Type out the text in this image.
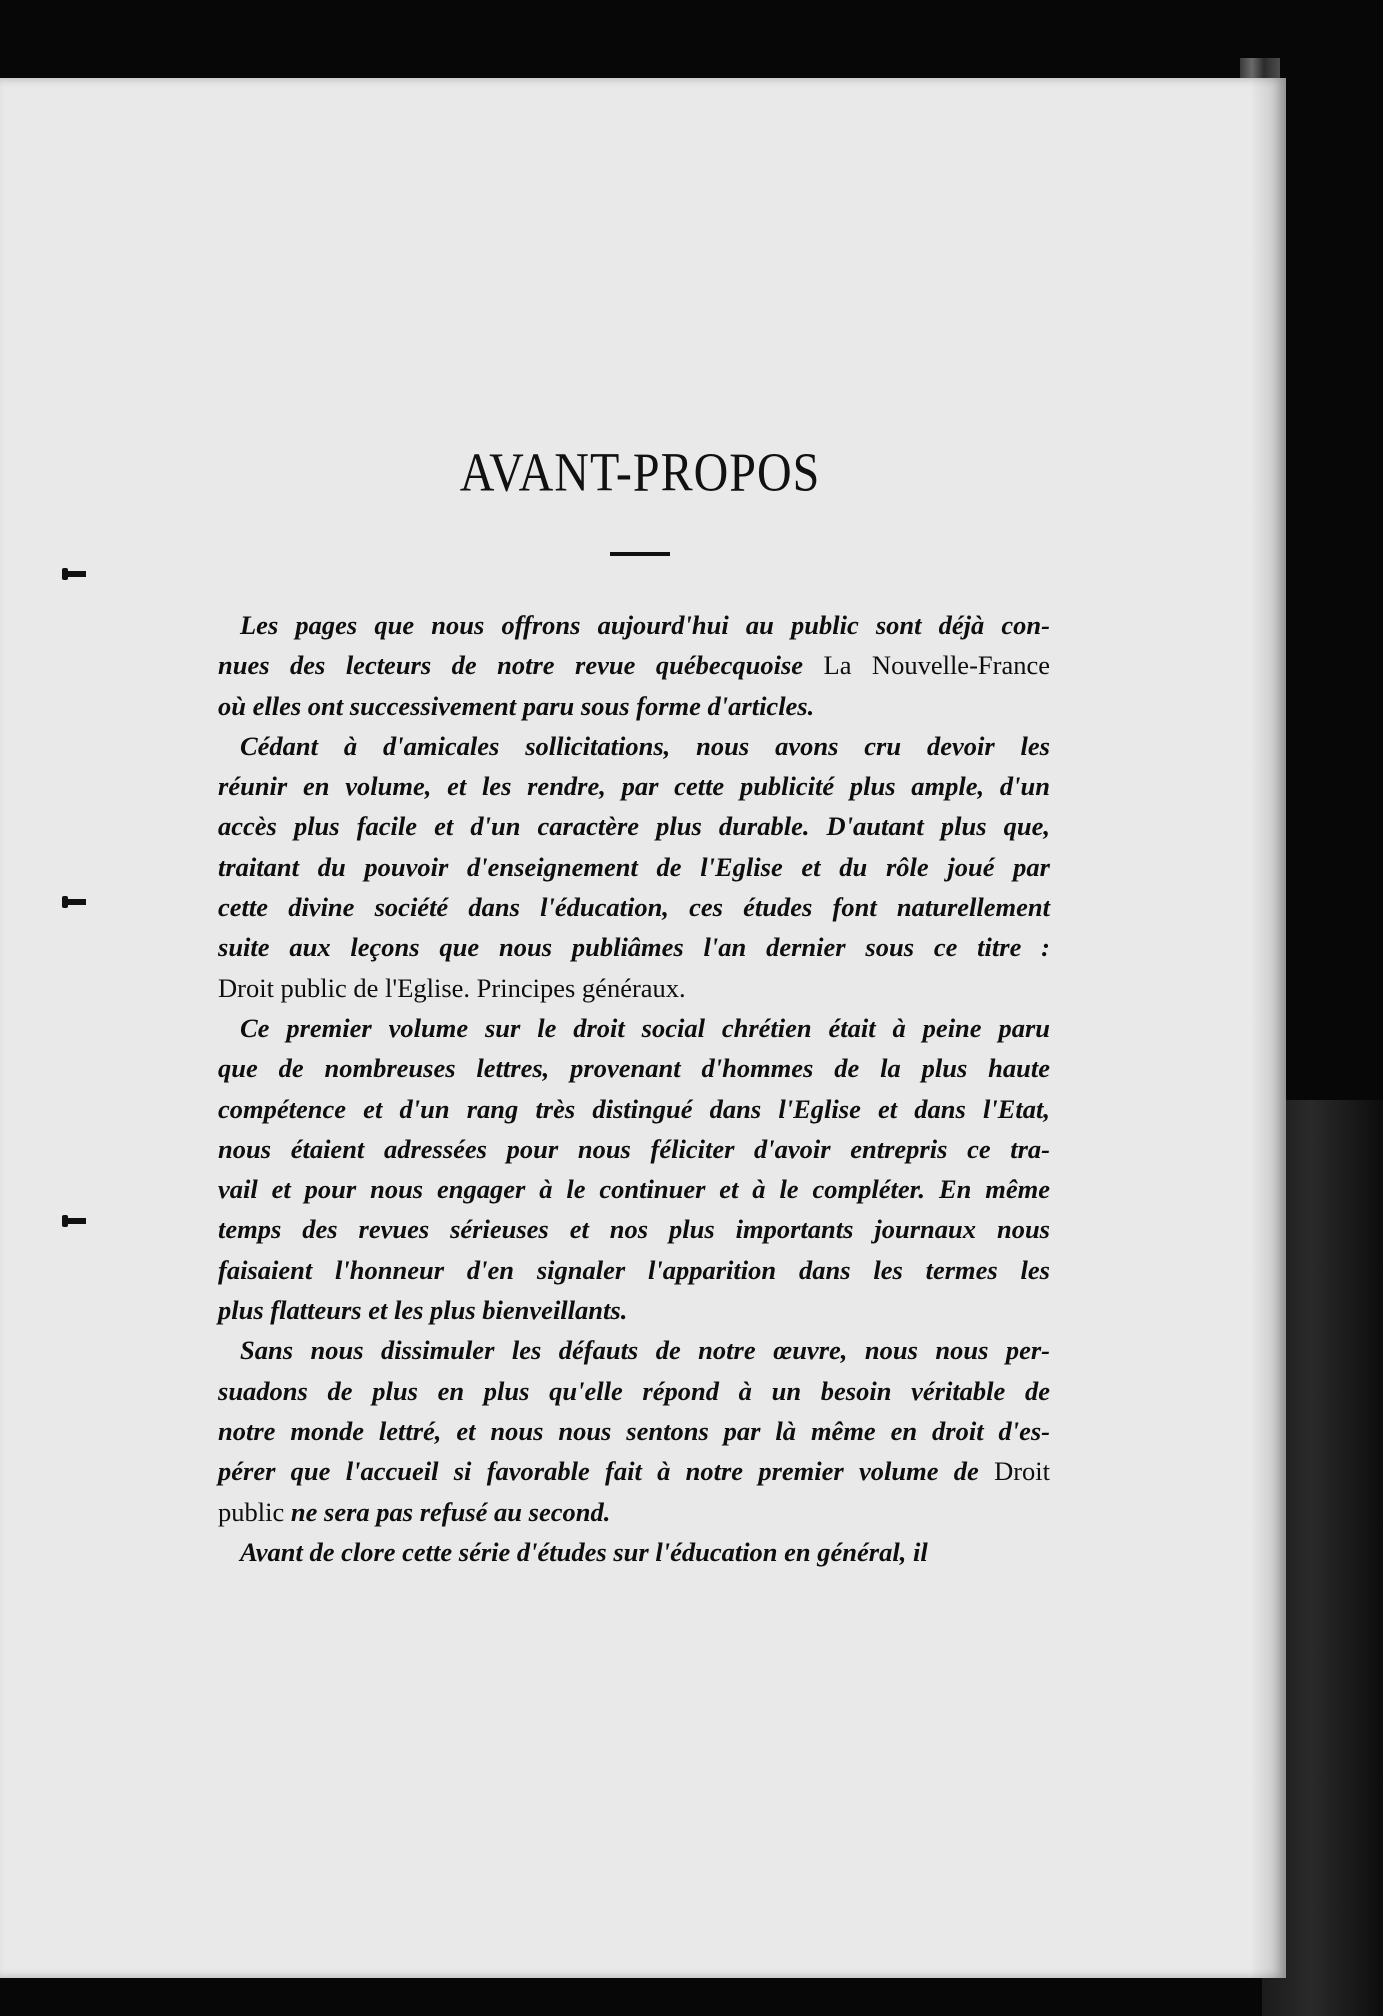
AVANT-PROPOS
Les pages que nous offrons aujourd'hui au public sont déjà con-
nues des lecteurs de notre revue québecquoise La Nouvelle-France
où elles ont successivement paru sous forme d'articles.
Cédant à d'amicales sollicitations, nous avons cru devoir les
réunir en volume, et les rendre, par cette publicité plus ample, d'un
accès plus facile et d'un caractère plus durable. D'autant plus que,
traitant du pouvoir d'enseignement de l'Eglise et du rôle joué par
cette divine société dans l'éducation, ces études font naturellement
suite aux leçons que nous publiâmes l'an dernier sous ce titre :
Droit public de l'Eglise. Principes généraux.
Ce premier volume sur le droit social chrétien était à peine paru
que de nombreuses lettres, provenant d'hommes de la plus haute
compétence et d'un rang très distingué dans l'Eglise et dans l'Etat,
nous étaient adressées pour nous féliciter d'avoir entrepris ce tra-
vail et pour nous engager à le continuer et à le compléter. En même
temps des revues sérieuses et nos plus importants journaux nous
faisaient l'honneur d'en signaler l'apparition dans les termes les
plus flatteurs et les plus bienveillants.
Sans nous dissimuler les défauts de notre œuvre, nous nous per-
suadons de plus en plus qu'elle répond à un besoin véritable de
notre monde lettré, et nous nous sentons par là même en droit d'es-
pérer que l'accueil si favorable fait à notre premier volume de Droit
public ne sera pas refusé au second.
Avant de clore cette série d'études sur l'éducation en général, il
